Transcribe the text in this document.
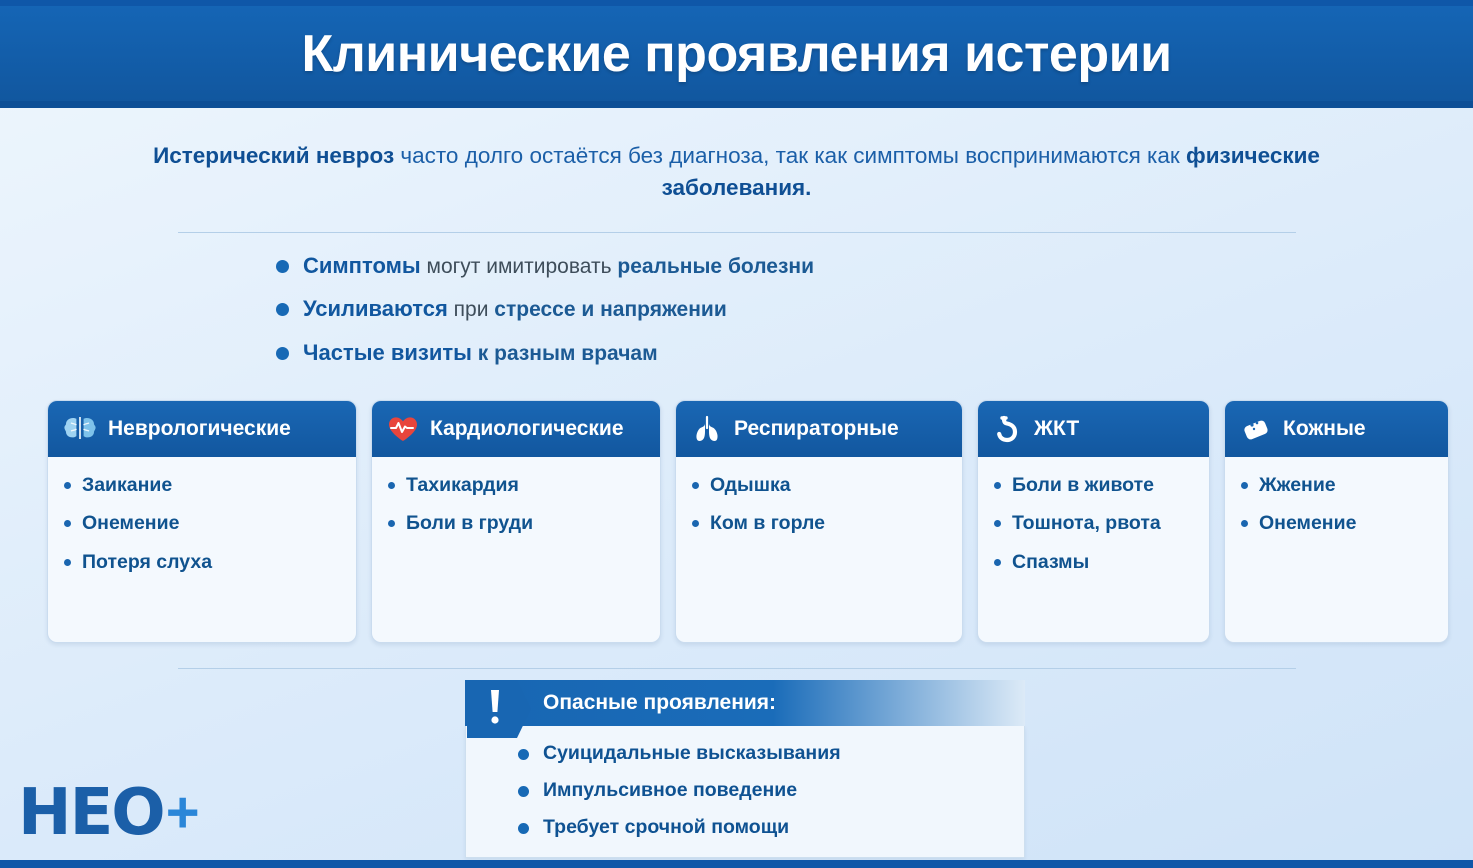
Клинические проявления истерии
Истерический невроз часто долго остаётся без диагноза, так как симптомы воспринимаются как физические заболевания.
Симптомы могут имитировать реальные болезни
Усиливаются при стрессе и напряжении
Частые визиты к разным врачам
Неврологические
Заикание
Онемение
Потеря слуха
Кардиологические
Тахикардия
Боли в груди
Респираторные
Одышка
Ком в горле
ЖКТ
Боли в животе
Тошнота, рвота
Спазмы
Кожные
Жжение
Онемение
Опасные проявления:
Суицидальные высказывания
Импульсивное поведение
Требует срочной помощи
HEO +
